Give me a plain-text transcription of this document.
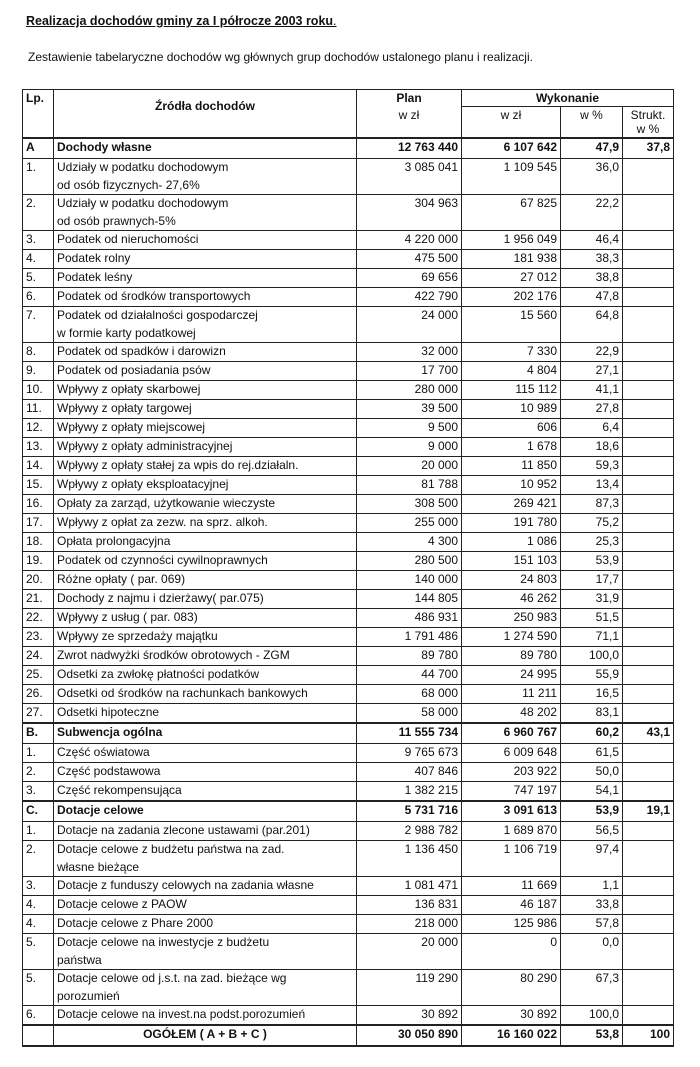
Realizacja dochodów gminy za I półrocze 2003 roku.
Zestawienie tabelaryczne dochodów wg głównych grup dochodów ustalonego planu i realizacji.
Lp.		Plan	Wykonanie		
	Źródła dochodów	w zł	w zł	w %	Strukt.
w %
A	Dochody własne	12 763 440	6 107 642	47,9	37,8
1.	Udziały w podatku dochodowym	3 085 041	1 109 545	36,0	
	od osób fizycznych- 27,6%				
2.	Udziały w podatku dochodowym	304 963	67 825	22,2	
	od osób prawnych-5%				
3.	Podatek od nieruchomości	4 220 000	1 956 049	46,4	
4.	Podatek rolny	475 500	181 938	38,3	
5.	Podatek leśny	69 656	27 012	38,8	
6.	Podatek od środków transportowych	422 790	202 176	47,8	
7.	Podatek od działalności gospodarczej	24 000	15 560	64,8	
	w formie karty podatkowej				
8.	Podatek od spadków i darowizn	32 000	7 330	22,9	
9.	Podatek od posiadania psów	17 700	4 804	27,1	
10.	Wpływy z opłaty skarbowej	280 000	115 112	41,1	
11.	Wpływy z opłaty targowej	39 500	10 989	27,8	
12.	Wpływy z opłaty miejscowej	9 500	606	6,4	
13.	Wpływy z opłaty administracyjnej	9 000	1 678	18,6	
14.	Wpływy z opłaty stałej za wpis do rej.działaln.	20 000	11 850	59,3	
15.	Wpływy z opłaty eksploatacyjnej	81 788	10 952	13,4	
16.	Opłaty za zarząd, użytkowanie wieczyste	308 500	269 421	87,3	
17.	Wpływy z opłat za zezw. na sprz. alkoh.	255 000	191 780	75,2	
18.	Opłata prolongacyjna	4 300	1 086	25,3	
19.	Podatek od czynności cywilnoprawnych	280 500	151 103	53,9	
20.	Różne opłaty ( par. 069)	140 000	24 803	17,7	
21.	Dochody z najmu i dzierżawy( par.075)	144 805	46 262	31,9	
22.	Wpływy z usług ( par. 083)	486 931	250 983	51,5	
23.	Wpływy ze sprzedaży majątku	1 791 486	1 274 590	71,1	
24.	Zwrot nadwyżki środków obrotowych - ZGM	89 780	89 780	100,0	
25.	Odsetki za zwłokę płatności podatków	44 700	24 995	55,9	
26.	Odsetki od środków na rachunkach bankowych	68 000	11 211	16,5	
27.	Odsetki hipoteczne	58 000	48 202	83,1	
B.	Subwencja ogólna	11 555 734	6 960 767	60,2	43,1
1.	Część oświatowa	9 765 673	6 009 648	61,5	
2.	Część podstawowa	407 846	203 922	50,0	
3.	Część rekompensująca	1 382 215	747 197	54,1	
C.	Dotacje celowe	5 731 716	3 091 613	53,9	19,1
1.	Dotacje na zadania zlecone ustawami (par.201)	2 988 782	1 689 870	56,5	
2.	Dotacje celowe z budżetu państwa na zad.	1 136 450	1 106 719	97,4	
	własne bieżące				
3.	Dotacje z funduszy celowych na zadania własne	1 081 471	11 669	1,1	
4.	Dotacje celowe z PAOW	136 831	46 187	33,8	
4.	Dotacje celowe z Phare 2000	218 000	125 986	57,8	
5.	Dotacje celowe na inwestycje z budżetu	20 000	0	0,0	
	państwa				
5.	Dotacje celowe od j.s.t. na zad. bieżące wg	119 290	80 290	67,3	
	porozumień				
6.	Dotacje celowe na invest.na podst.porozumień	30 892	30 892	100,0	
	OGÓŁEM ( A + B + C )	30 050 890	16 160 022	53,8	100
